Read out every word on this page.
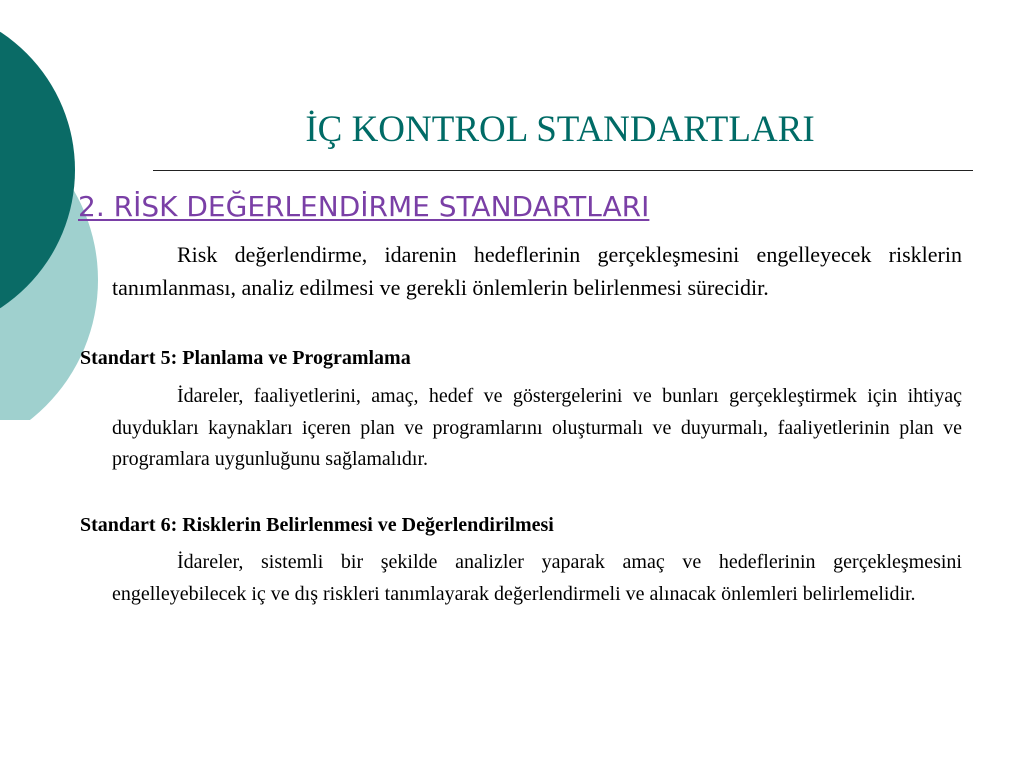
İÇ KONTROL STANDARTLARI
2. RİSK DEĞERLENDİRME STANDARTLARI

Risk değerlendirme, idarenin hedeflerinin gerçekleşmesini engelleyecek risklerin tanımlanması, analiz edilmesi ve gerekli önlemlerin belirlenmesi sürecidir.

Standart 5: Planlama ve Programlama

İdareler, faaliyetlerini, amaç, hedef ve göstergelerini ve bunları gerçekleştirmek için ihtiyaç duydukları kaynakları içeren plan ve programlarını oluşturmalı ve duyurmalı, faaliyetlerinin plan ve programlara uygunluğunu sağlamalıdır.

Standart 6: Risklerin Belirlenmesi ve Değerlendirilmesi

İdareler, sistemli bir şekilde analizler yaparak amaç ve hedeflerinin gerçekleşmesini engelleyebilecek iç ve dış riskleri tanımlayarak değerlendirmeli ve alınacak önlemleri belirlemelidir.
